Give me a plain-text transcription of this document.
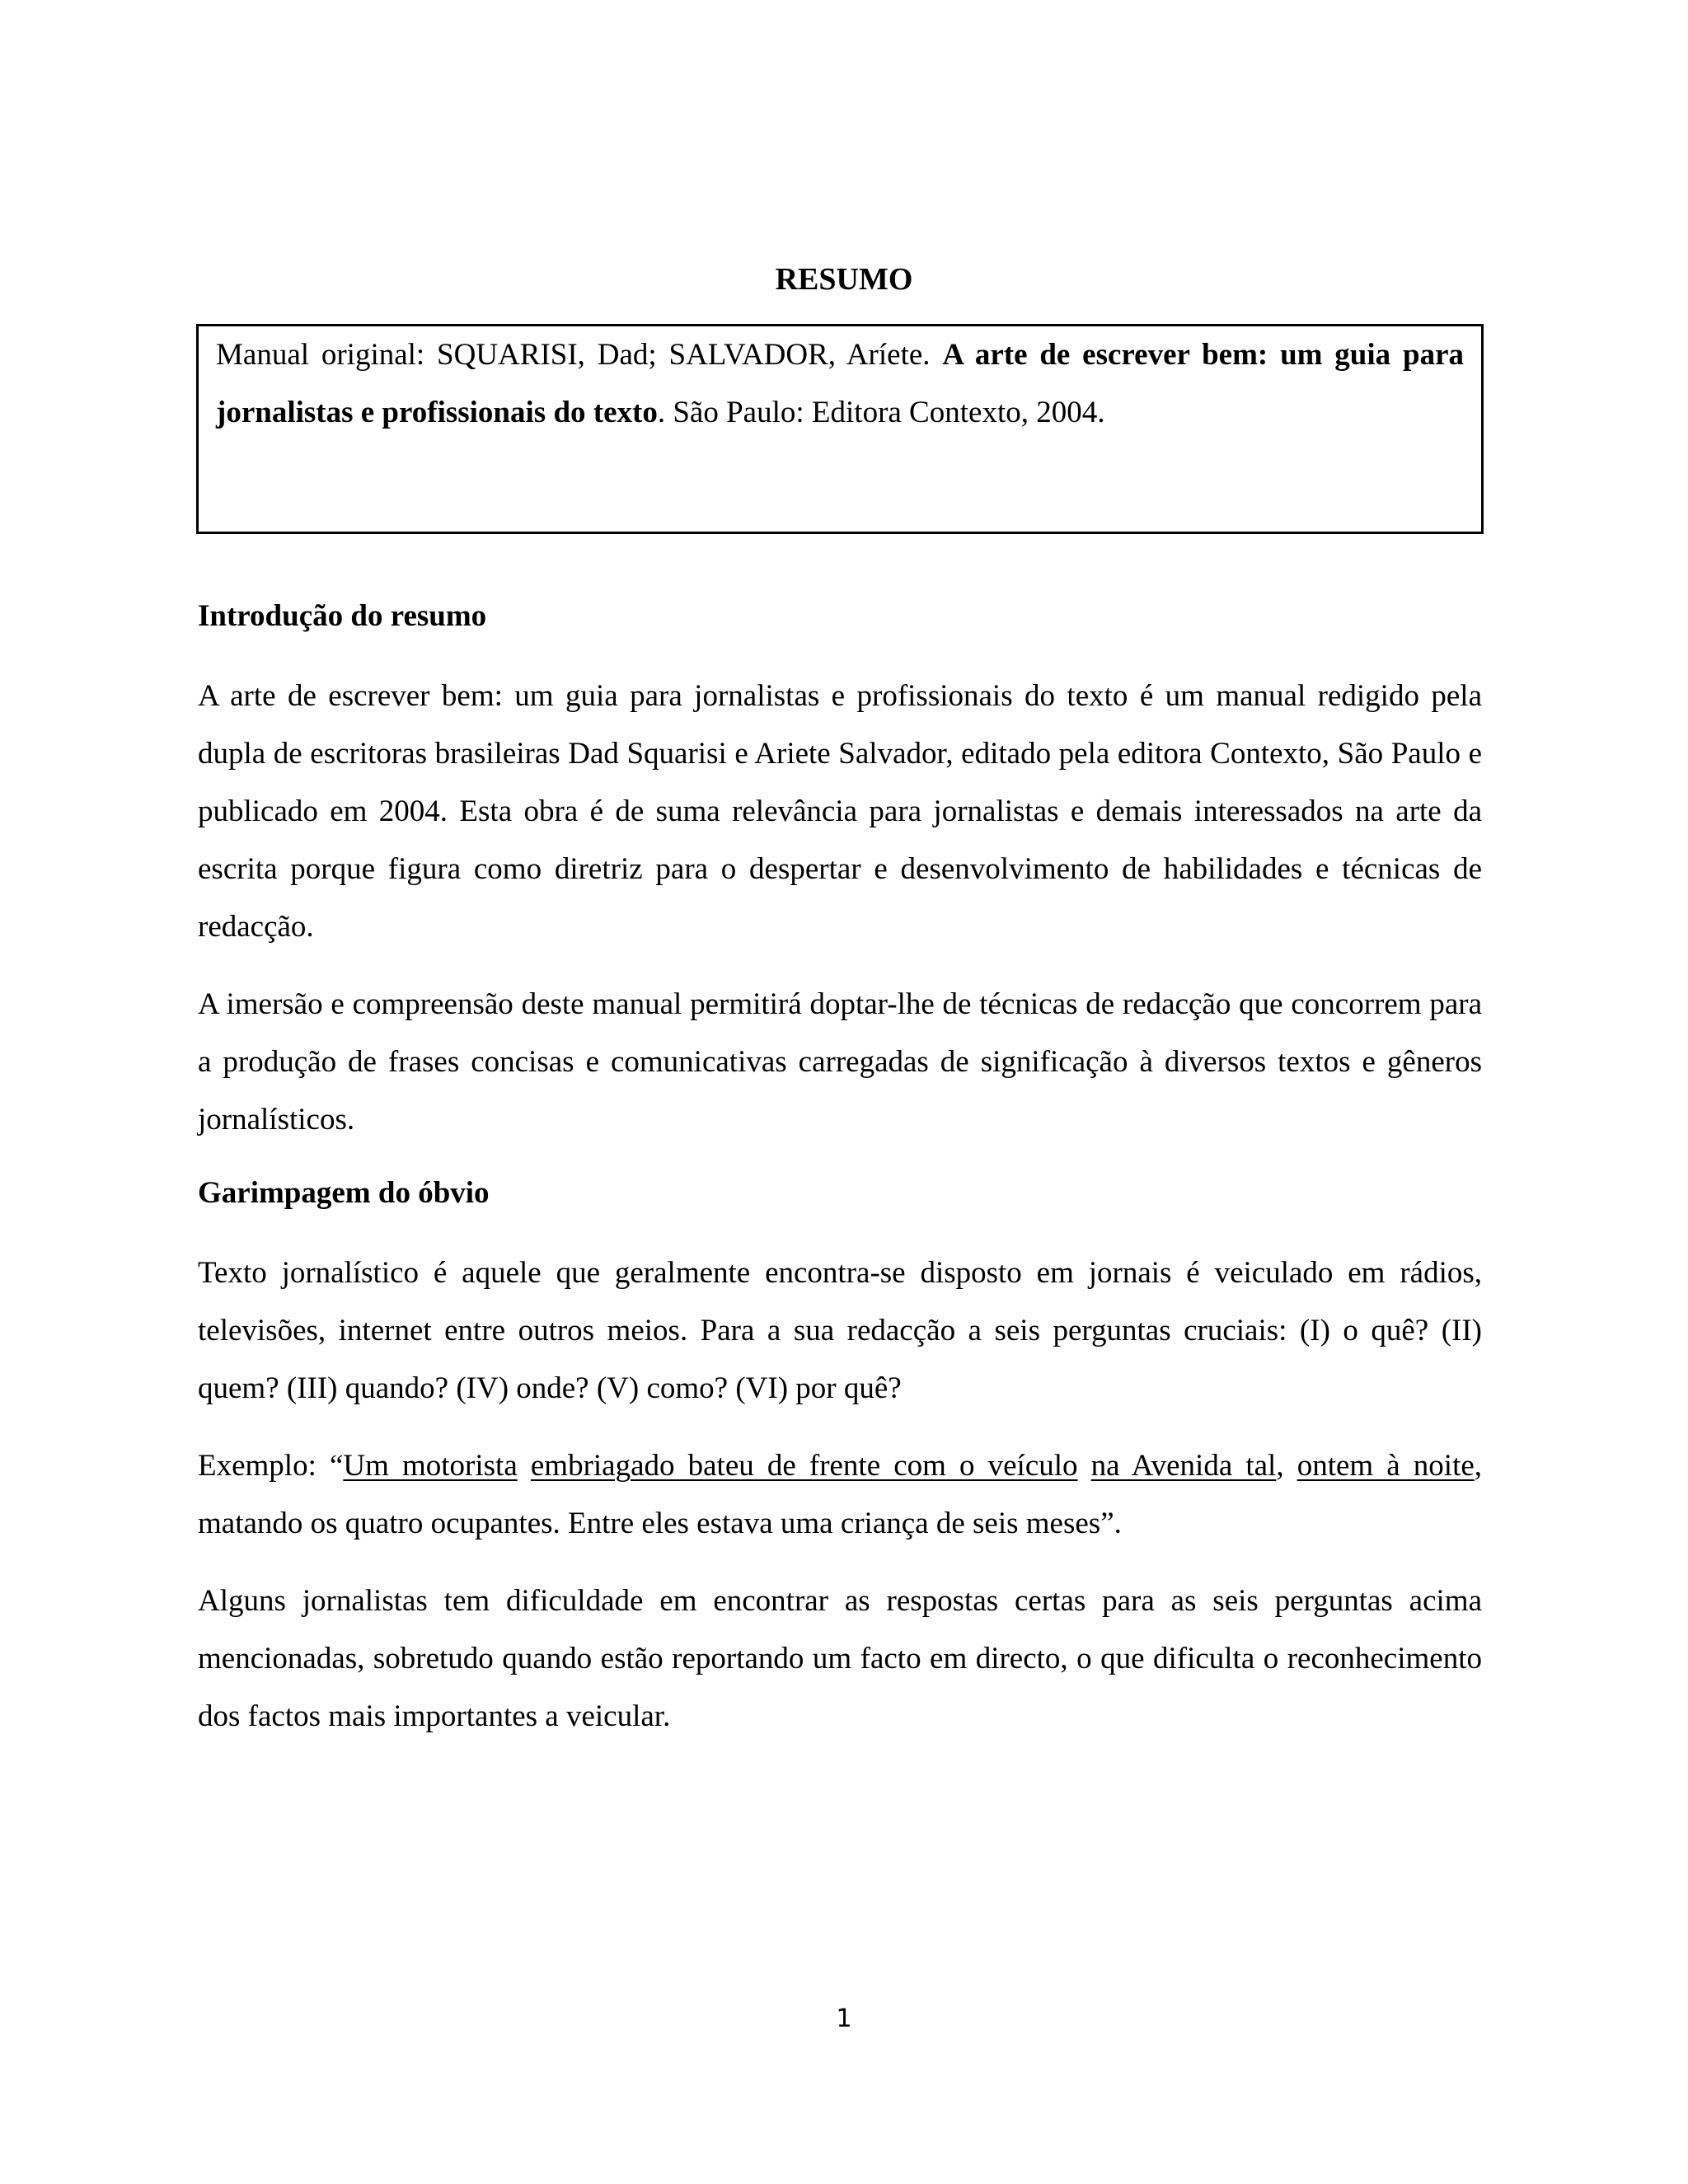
RESUMO

Manual original: SQUARISI, Dad; SALVADOR, Aríete. A arte de escrever bem: um guia para jornalistas e profissionais do texto. São Paulo: Editora Contexto, 2004.

Introdução do resumo

A arte de escrever bem: um guia para jornalistas e profissionais do texto é um manual redigido pela dupla de escritoras brasileiras Dad Squarisi e Ariete Salvador, editado pela editora Contexto, São Paulo e publicado em 2004. Esta obra é de suma relevância para jornalistas e demais interessados na arte da escrita porque figura como diretriz para o despertar e desenvolvimento de habilidades e técnicas de redacção.

A imersão e compreensão deste manual permitirá doptar-lhe de técnicas de redacção que concorrem para a produção de frases concisas e comunicativas carregadas de significação à diversos textos e gêneros jornalísticos.

Garimpagem do óbvio

Texto jornalístico é aquele que geralmente encontra-se disposto em jornais é veiculado em rádios, televisões, internet entre outros meios. Para a sua redacção a seis perguntas cruciais: (I) o quê? (II) quem? (III) quando? (IV) onde? (V) como? (VI) por quê?

Exemplo: “Um motorista embriagado bateu de frente com o veículo na Avenida tal, ontem à noite, matando os quatro ocupantes. Entre eles estava uma criança de seis meses”.

Alguns jornalistas tem dificuldade em encontrar as respostas certas para as seis perguntas acima mencionadas, sobretudo quando estão reportando um facto em directo, o que dificulta o reconhecimento dos factos mais importantes a veicular.

1
